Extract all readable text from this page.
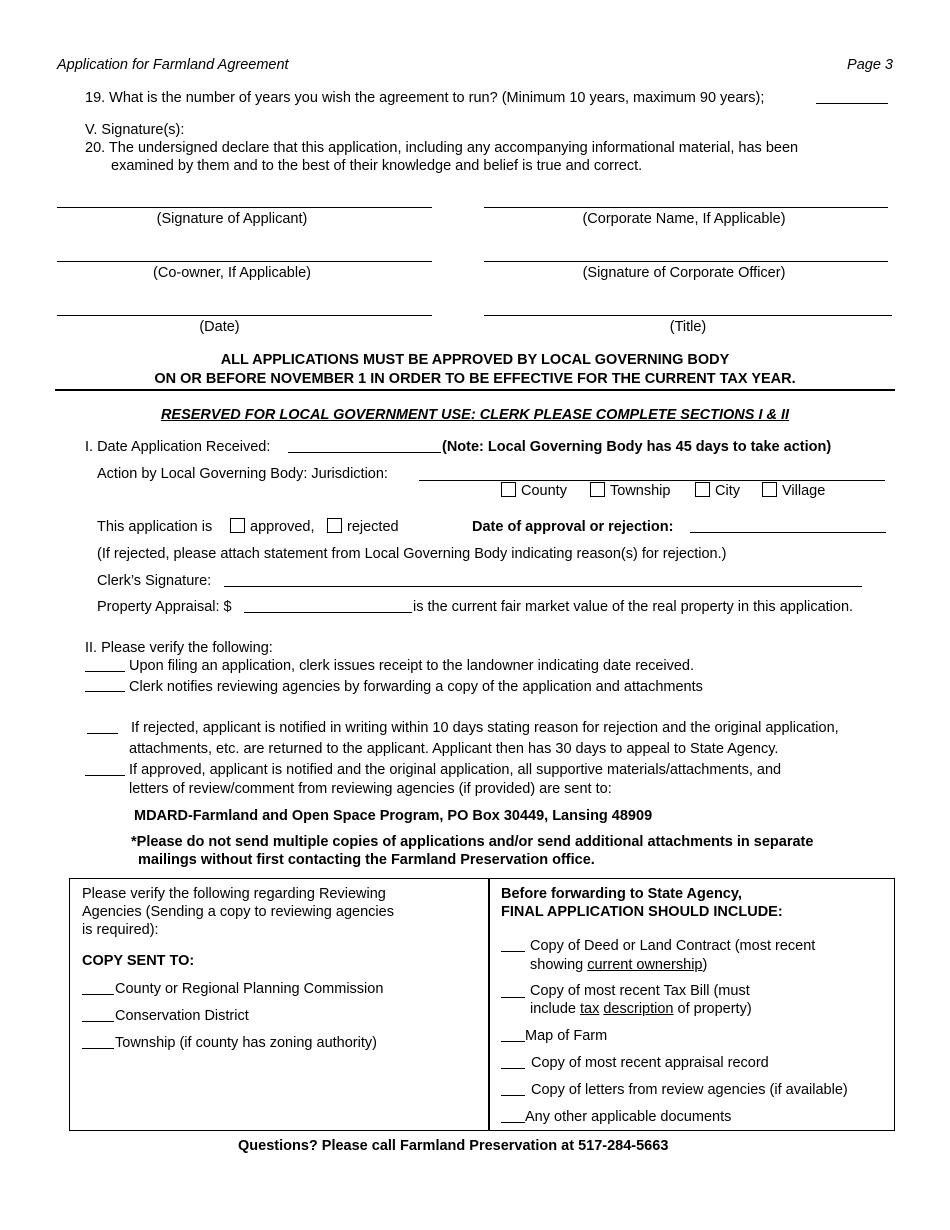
Application for Farmland Agreement	Page 3
19. What is the number of years you wish the agreement to run? (Minimum 10 years, maximum 90 years);
V. Signature(s):
20. The undersigned declare that this application, including any accompanying informational material, has been
examined by them and to the best of their knowledge and belief is true and correct.
(Signature of Applicant)	(Corporate Name, If Applicable)
(Co-owner, If Applicable)	(Signature of Corporate Officer)
(Date)	(Title)
ALL APPLICATIONS MUST BE APPROVED BY LOCAL GOVERNING BODY
ON OR BEFORE NOVEMBER 1 IN ORDER TO BE EFFECTIVE FOR THE CURRENT TAX YEAR.
RESERVED FOR LOCAL GOVERNMENT USE: CLERK PLEASE COMPLETE SECTIONS I & II
I. Date Application Received:	(Note: Local Governing Body has 45 days to take action)
Action by Local Governing Body: Jurisdiction:
County	Township	City	Village
This application is	approved,	rejected	Date of approval or rejection:
(If rejected, please attach statement from Local Governing Body indicating reason(s) for rejection.)
Clerk’s Signature:
Property Appraisal: $	is the current fair market value of the real property in this application.
II. Please verify the following:
Upon filing an application, clerk issues receipt to the landowner indicating date received.
Clerk notifies reviewing agencies by forwarding a copy of the application and attachments
If rejected, applicant is notified in writing within 10 days stating reason for rejection and the original application,
attachments, etc. are returned to the applicant. Applicant then has 30 days to appeal to State Agency.
If approved, applicant is notified and the original application, all supportive materials/attachments, and
letters of review/comment from reviewing agencies (if provided) are sent to:
MDARD-Farmland and Open Space Program, PO Box 30449, Lansing 48909
*Please do not send multiple copies of applications and/or send additional attachments in separate
mailings without first contacting the Farmland Preservation office.
Please verify the following regarding Reviewing
Agencies (Sending a copy to reviewing agencies
is required):
COPY SENT TO:
County or Regional Planning Commission
Conservation District
Township (if county has zoning authority)
Before forwarding to State Agency,
FINAL APPLICATION SHOULD INCLUDE:
Copy of Deed or Land Contract (most recent
showing current ownership)
Copy of most recent Tax Bill (must
include tax description of property)
Map of Farm
Copy of most recent appraisal record
Copy of letters from review agencies (if available)
Any other applicable documents
Questions? Please call Farmland Preservation at 517-284-5663
